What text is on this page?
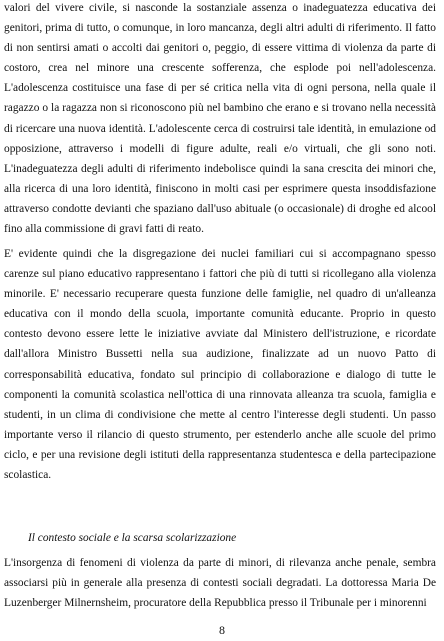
valori del vivere civile, si nasconde la sostanziale assenza o inadeguatezza educativa dei genitori, prima di tutto, o comunque, in loro mancanza, degli altri adulti di riferimento. Il fatto di non sentirsi amati o accolti dai genitori o, peggio, di essere vittima di violenza da parte di costoro, crea nel minore una crescente sofferenza, che esplode poi nell'adolescenza. L'adolescenza costituisce una fase di per sé critica nella vita di ogni persona, nella quale il ragazzo o la ragazza non si riconoscono più nel bambino che erano e si trovano nella necessità di ricercare una nuova identità. L'adolescente cerca di costruirsi tale identità, in emulazione od opposizione, attraverso i modelli di figure adulte, reali e/o virtuali, che gli sono noti. L'inadeguatezza degli adulti di riferimento indebolisce quindi la sana crescita dei minori che, alla ricerca di una loro identità, finiscono in molti casi per esprimere questa insoddisfazione attraverso condotte devianti che spaziano dall'uso abituale (o occasionale) di droghe ed alcool fino alla commissione di gravi fatti di reato.

E' evidente quindi che la disgregazione dei nuclei familiari cui si accompagnano spesso carenze sul piano educativo rappresentano i fattori che più di tutti si ricollegano alla violenza minorile. E' necessario recuperare questa funzione delle famiglie, nel quadro di un'alleanza educativa con il mondo della scuola, importante comunità educante. Proprio in questo contesto devono essere lette le iniziative avviate dal Ministero dell'istruzione, e ricordate dall'allora Ministro Bussetti nella sua audizione, finalizzate ad un nuovo Patto di corresponsabilità educativa, fondato sul principio di collaborazione e dialogo di tutte le componenti la comunità scolastica nell'ottica di una rinnovata alleanza tra scuola, famiglia e studenti, in un clima di condivisione che mette al centro l'interesse degli studenti. Un passo importante verso il rilancio di questo strumento, per estenderlo anche alle scuole del primo ciclo, e per una revisione degli istituti della rappresentanza studentesca e della partecipazione scolastica.

Il contesto sociale e la scarsa scolarizzazione

L'insorgenza di fenomeni di violenza da parte di minori, di rilevanza anche penale, sembra associarsi più in generale alla presenza di contesti sociali degradati. La dottoressa Maria De Luzenberger Milnernsheim, procuratore della Repubblica presso il Tribunale per i minorenni

8
